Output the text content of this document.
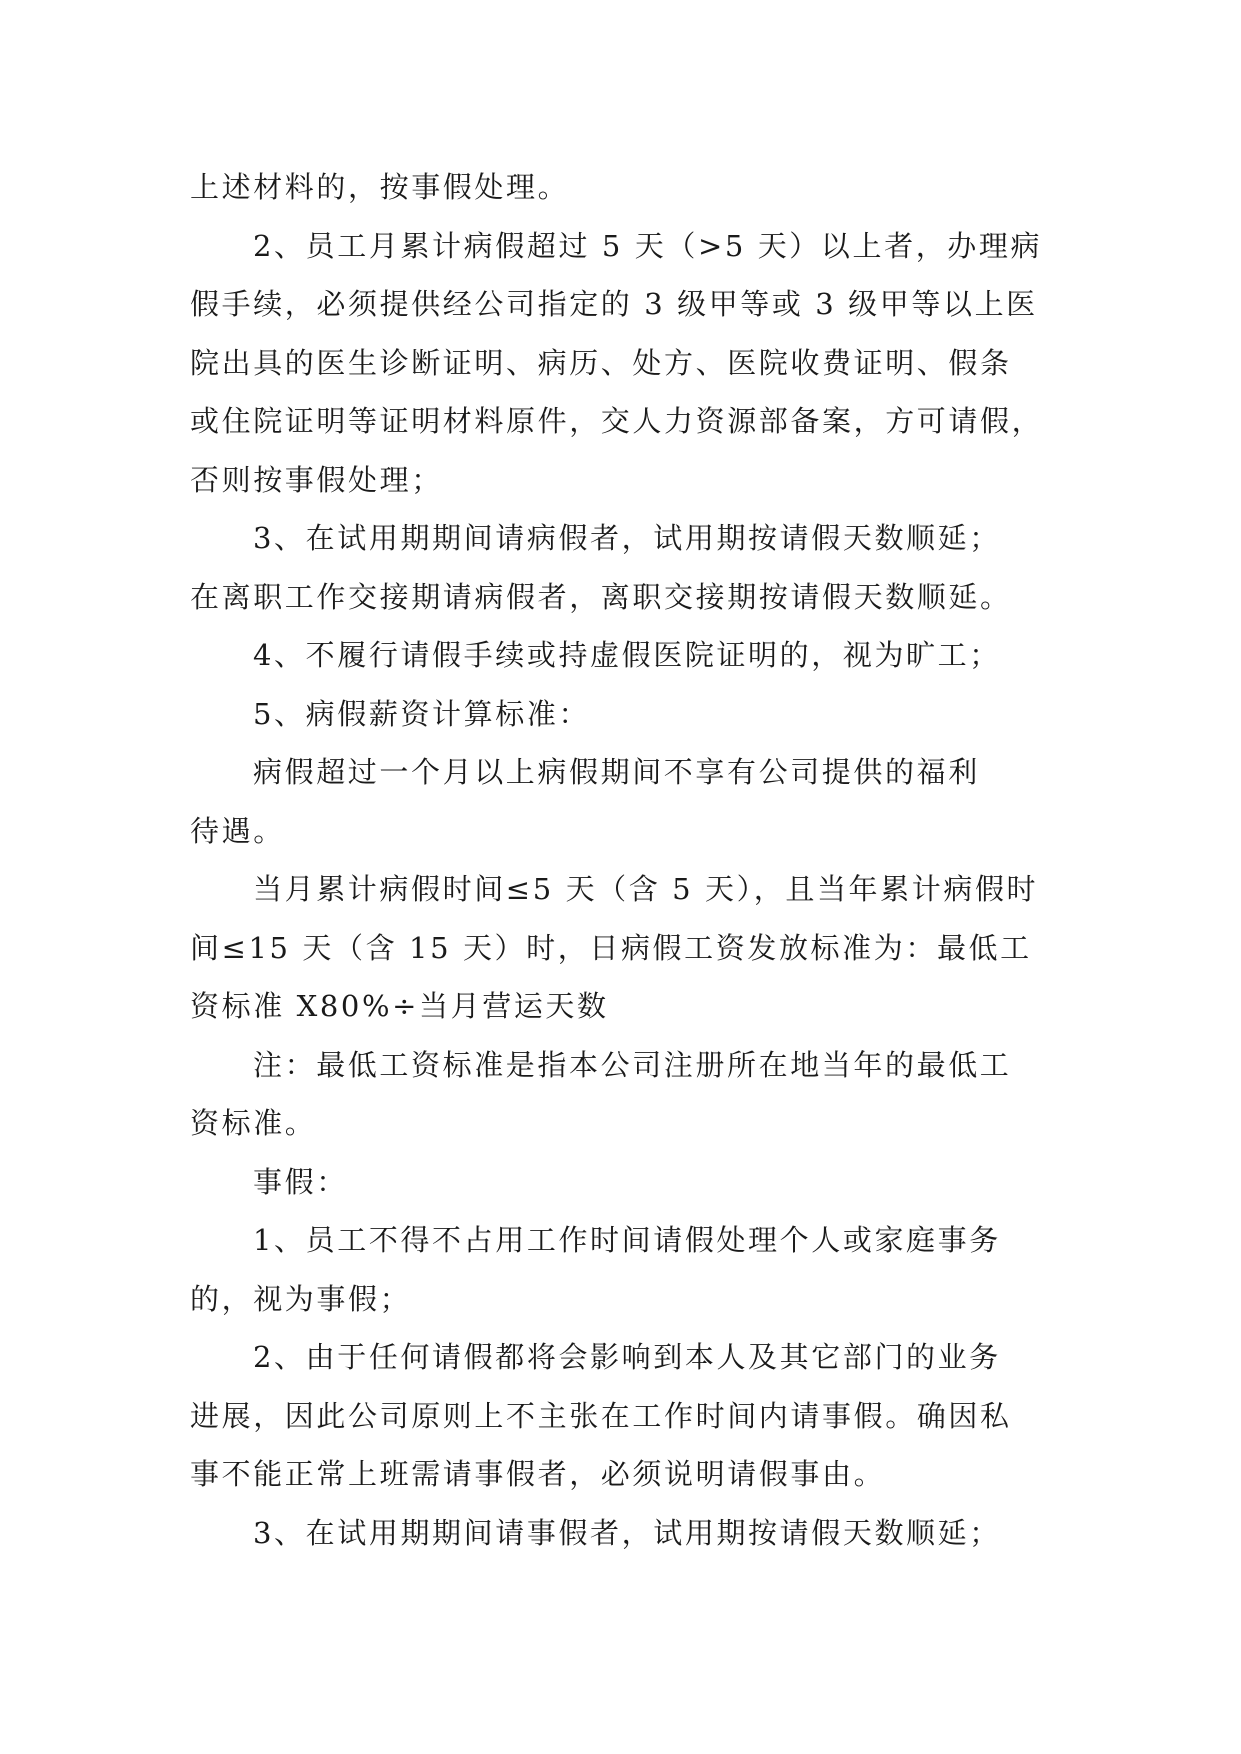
上述材料的，按事假处理。
2、员工月累计病假超过 5 天（>5 天）以上者，办理病
假手续，必须提供经公司指定的 3 级甲等或 3 级甲等以上医
院出具的医生诊断证明、病历、处方、医院收费证明、假条
或住院证明等证明材料原件，交人力资源部备案，方可请假，
否则按事假处理；
3、在试用期期间请病假者，试用期按请假天数顺延；
在离职工作交接期请病假者，离职交接期按请假天数顺延。
4、不履行请假手续或持虚假医院证明的，视为旷工；
5、病假薪资计算标准：
病假超过一个月以上病假期间不享有公司提供的福利
待遇。
当月累计病假时间≤5 天（含 5 天），且当年累计病假时
间≤15 天（含 15 天）时，日病假工资发放标准为：最低工
资标准 X80%÷当月营运天数
注：最低工资标准是指本公司注册所在地当年的最低工
资标准。
事假：
1、员工不得不占用工作时间请假处理个人或家庭事务
的，视为事假；
2、由于任何请假都将会影响到本人及其它部门的业务
进展，因此公司原则上不主张在工作时间内请事假。确因私
事不能正常上班需请事假者，必须说明请假事由。
3、在试用期期间请事假者，试用期按请假天数顺延；
